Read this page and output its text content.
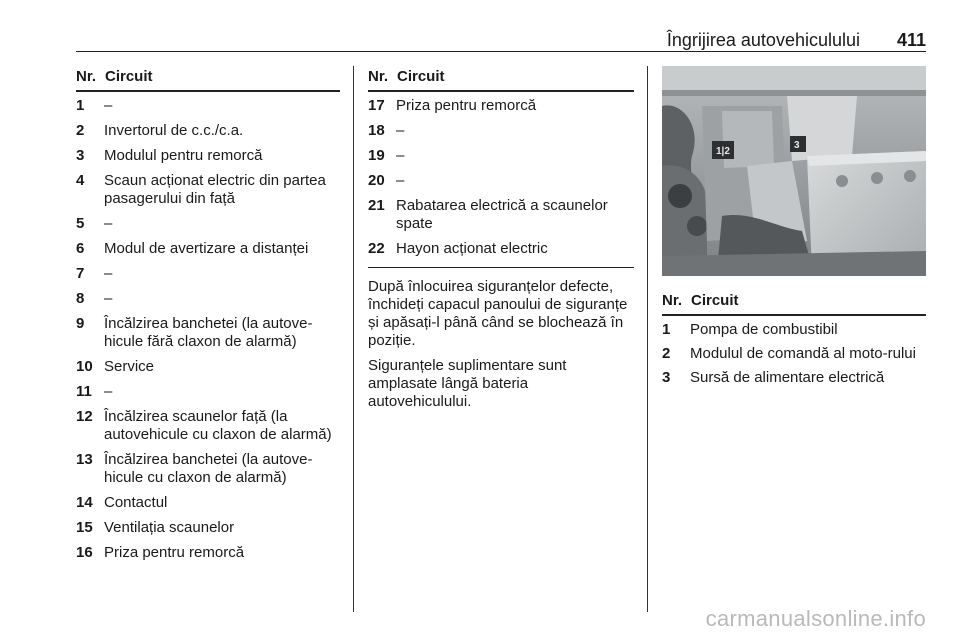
Îngrijirea autovehiculului 411
Nr. Circuit
1 –
2 Invertorul de c.c./c.a.
3 Modulul pentru remorcă
4 Scaun acționat electric din partea pasagerului din față
5 –
6 Modul de avertizare a distanței
7 –
8 –
9 Încălzirea banchetei (la autove‐hicule fără claxon de alarmă)
10 Service
11 –
12 Încălzirea scaunelor față (la autovehicule cu claxon de alarmă)
13 Încălzirea banchetei (la autove‐hicule cu claxon de alarmă)
14 Contactul
15 Ventilația scaunelor
16 Priza pentru remorcă
Nr. Circuit
17 Priza pentru remorcă
18 –
19 –
20 –
21 Rabatarea electrică a scaunelor spate
22 Hayon acționat electric

După înlocuirea siguranțelor defecte, închideți capacul panoului de siguranțe și apăsați-l până când se blochează în poziție.

Siguranțele suplimentare sunt amplasate lângă bateria autovehiculului.

1|2
3
Nr. Circuit
1 Pompa de combustibil
2 Modulul de comandă al moto‐rului
3 Sursă de alimentare electrică
carmanualsonline.info
